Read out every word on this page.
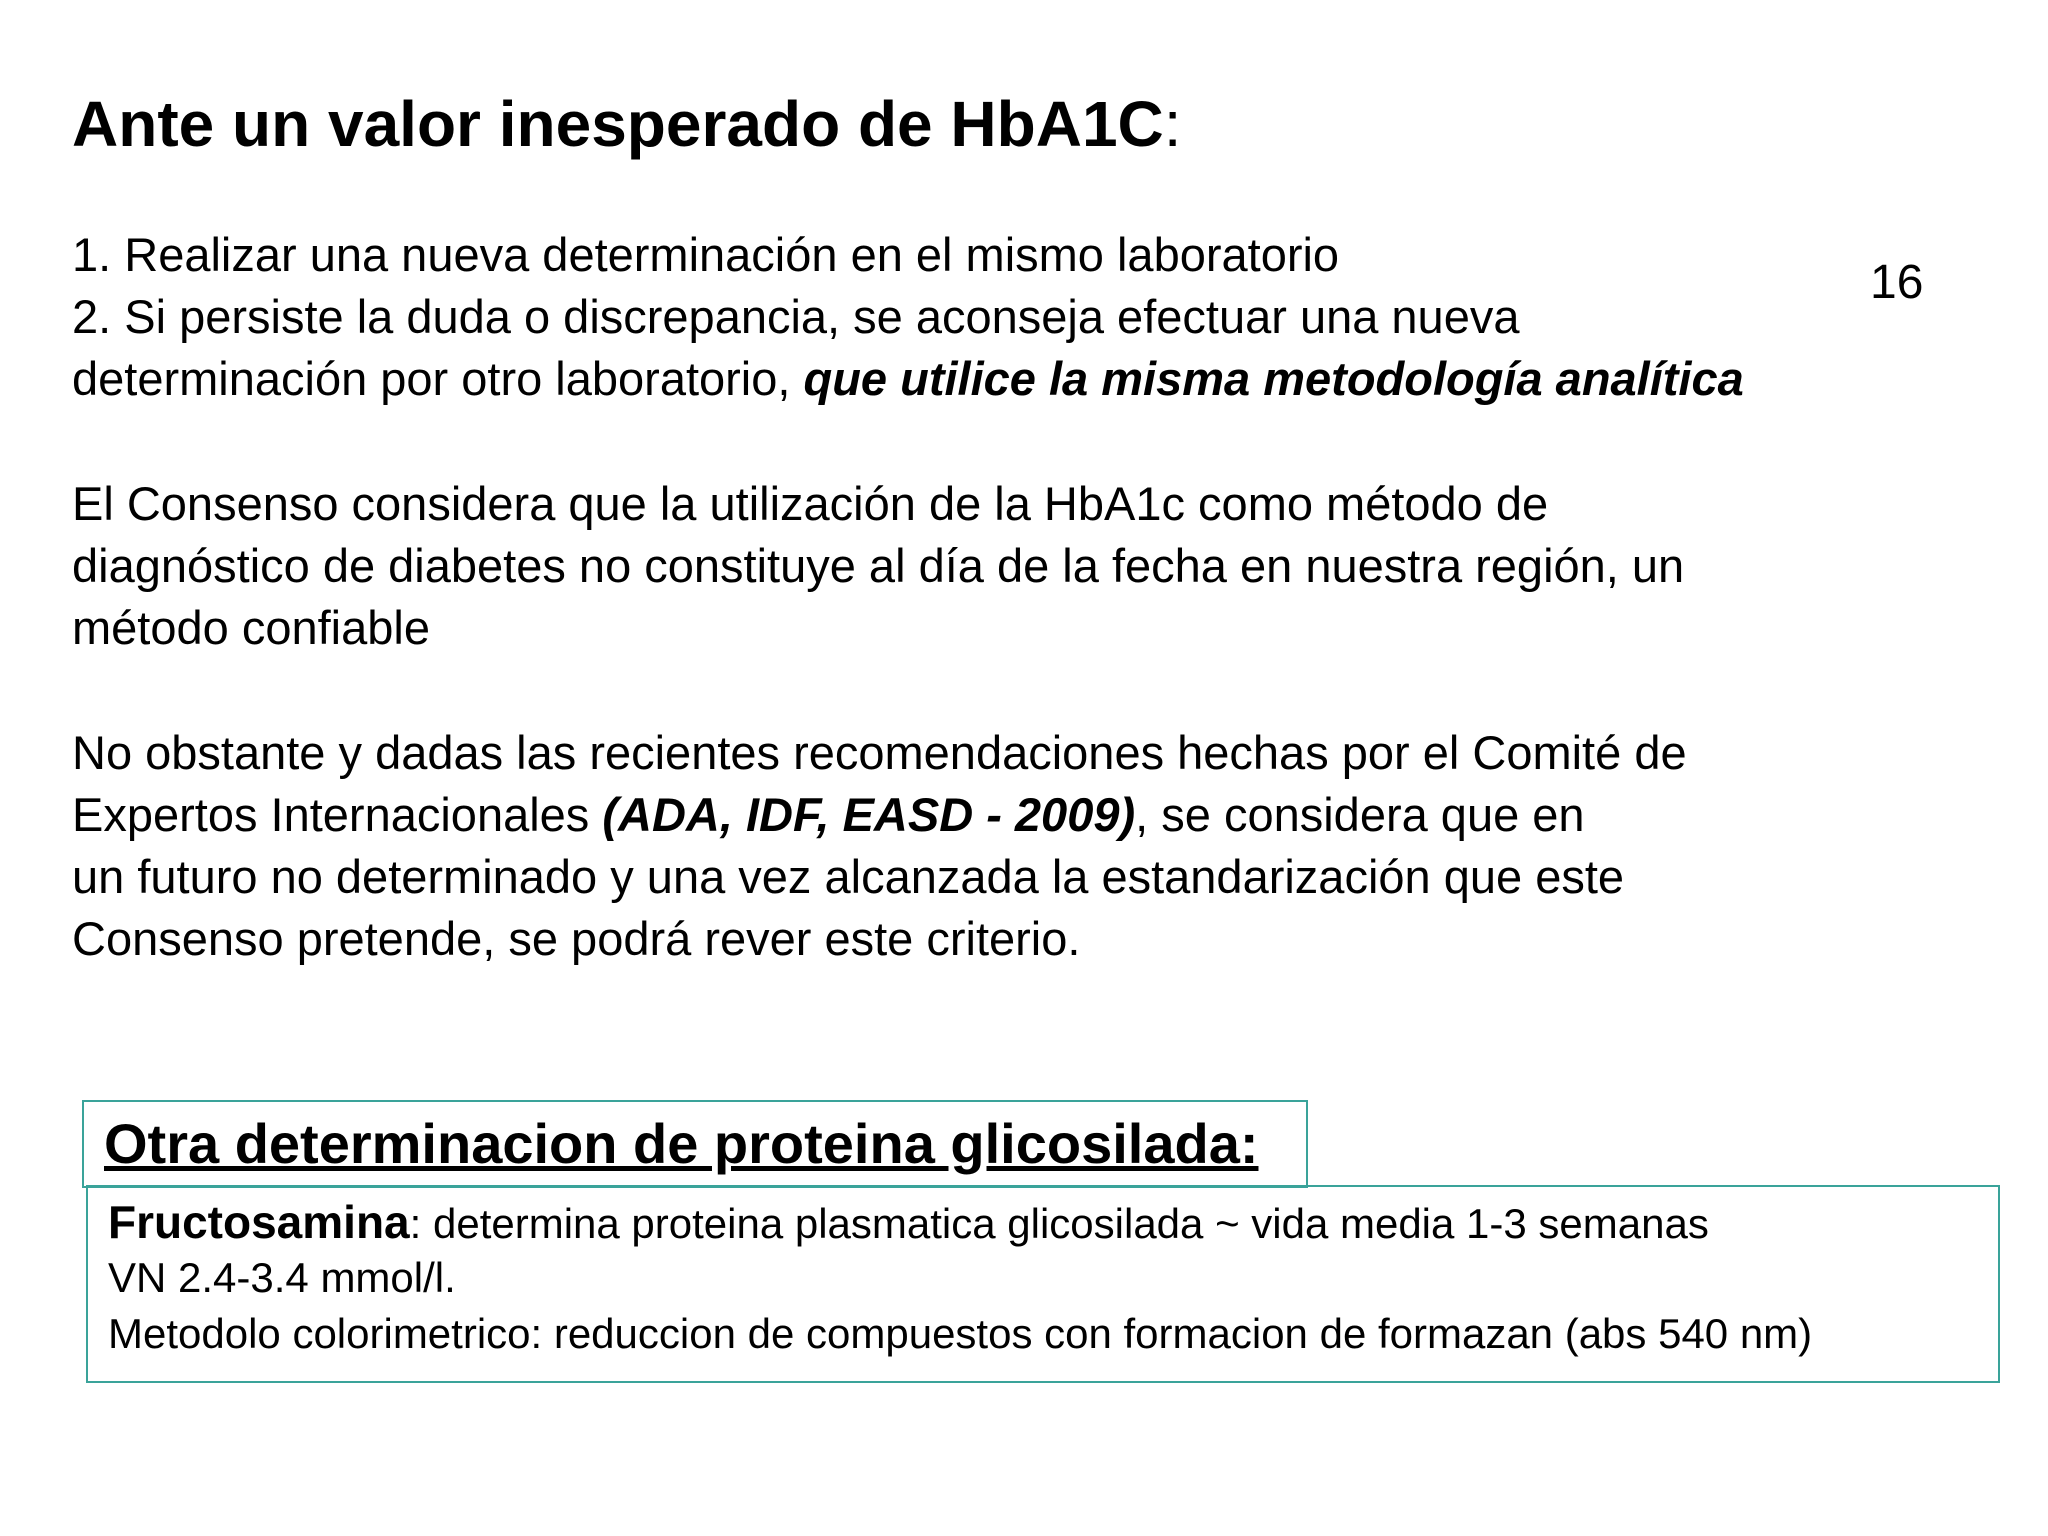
Ante un valor inesperado de HbA1C:
16
1. Realizar una nueva determinación en el mismo laboratorio
2. Si persiste la duda o discrepancia, se aconseja efectuar una nueva
determinación por otro laboratorio, que utilice la misma metodología analítica
El Consenso considera que la utilización de la HbA1c como método de
diagnóstico de diabetes no constituye al día de la fecha en nuestra región, un
método confiable
No obstante y dadas las recientes recomendaciones hechas por el Comité de
Expertos Internacionales (ADA, IDF, EASD - 2009), se considera que en
un futuro no determinado y una vez alcanzada la estandarización que este
Consenso pretende, se podrá rever este criterio.
Otra determinacion de proteina glicosilada:
Fructosamina: determina proteina plasmatica glicosilada ~ vida media 1-3 semanas
VN 2.4-3.4 mmol/l.
Metodolo colorimetrico: reduccion de compuestos con formacion de formazan (abs 540 nm)
